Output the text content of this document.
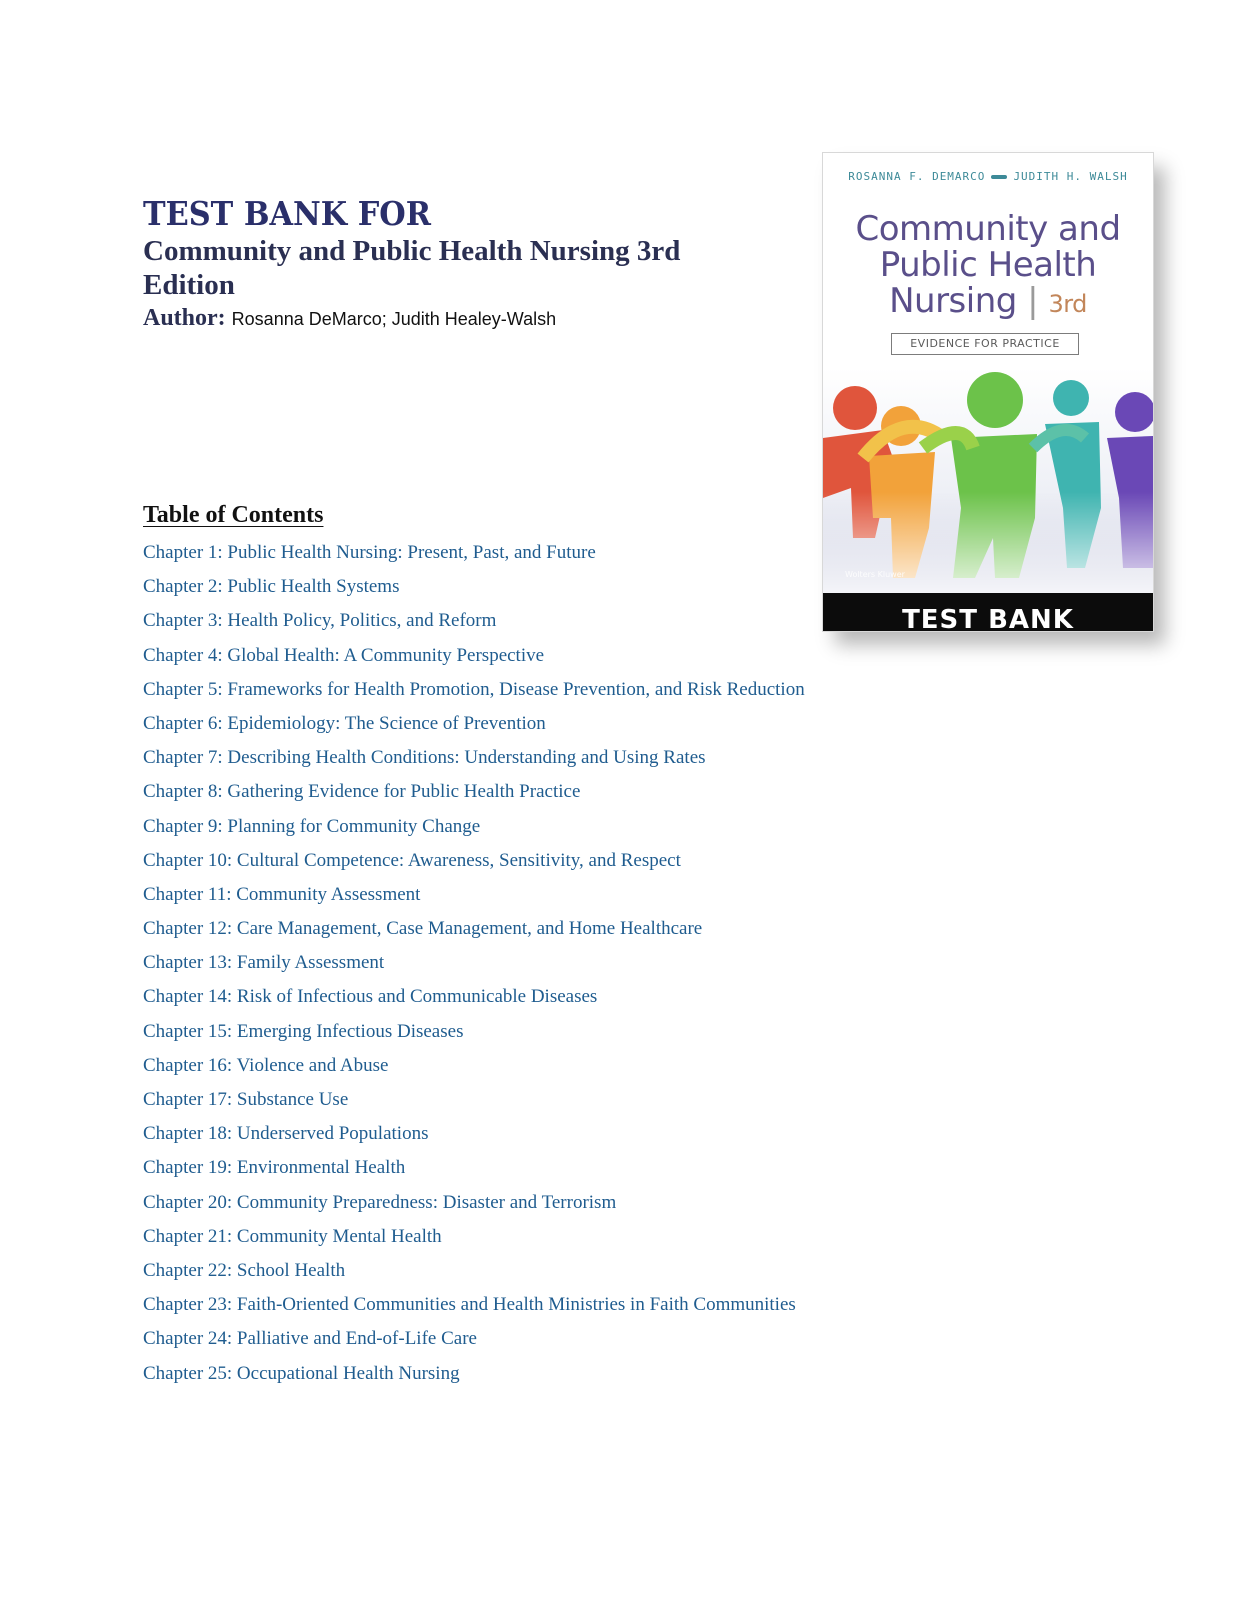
TEST BANK FOR
Community and Public Health Nursing 3rd
Edition
Author: Rosanna DeMarco; Judith Healey-Walsh
ROSANNA F. DEMARCO	JUDITH H. WALSH
Community and
Public Health
Nursing | 3rd
EVIDENCE FOR PRACTICE
Wolters Kluwer
TEST BANK
Table of Contents
Chapter 1: Public Health Nursing: Present, Past, and Future
Chapter 2: Public Health Systems
Chapter 3: Health Policy, Politics, and Reform
Chapter 4: Global Health: A Community Perspective
Chapter 5: Frameworks for Health Promotion, Disease Prevention, and Risk Reduction
Chapter 6: Epidemiology: The Science of Prevention
Chapter 7: Describing Health Conditions: Understanding and Using Rates
Chapter 8: Gathering Evidence for Public Health Practice
Chapter 9: Planning for Community Change
Chapter 10: Cultural Competence: Awareness, Sensitivity, and Respect
Chapter 11: Community Assessment
Chapter 12: Care Management, Case Management, and Home Healthcare
Chapter 13: Family Assessment
Chapter 14: Risk of Infectious and Communicable Diseases
Chapter 15: Emerging Infectious Diseases
Chapter 16: Violence and Abuse
Chapter 17: Substance Use
Chapter 18: Underserved Populations
Chapter 19: Environmental Health
Chapter 20: Community Preparedness: Disaster and Terrorism
Chapter 21: Community Mental Health
Chapter 22: School Health
Chapter 23: Faith-Oriented Communities and Health Ministries in Faith Communities
Chapter 24: Palliative and End-of-Life Care
Chapter 25: Occupational Health Nursing
